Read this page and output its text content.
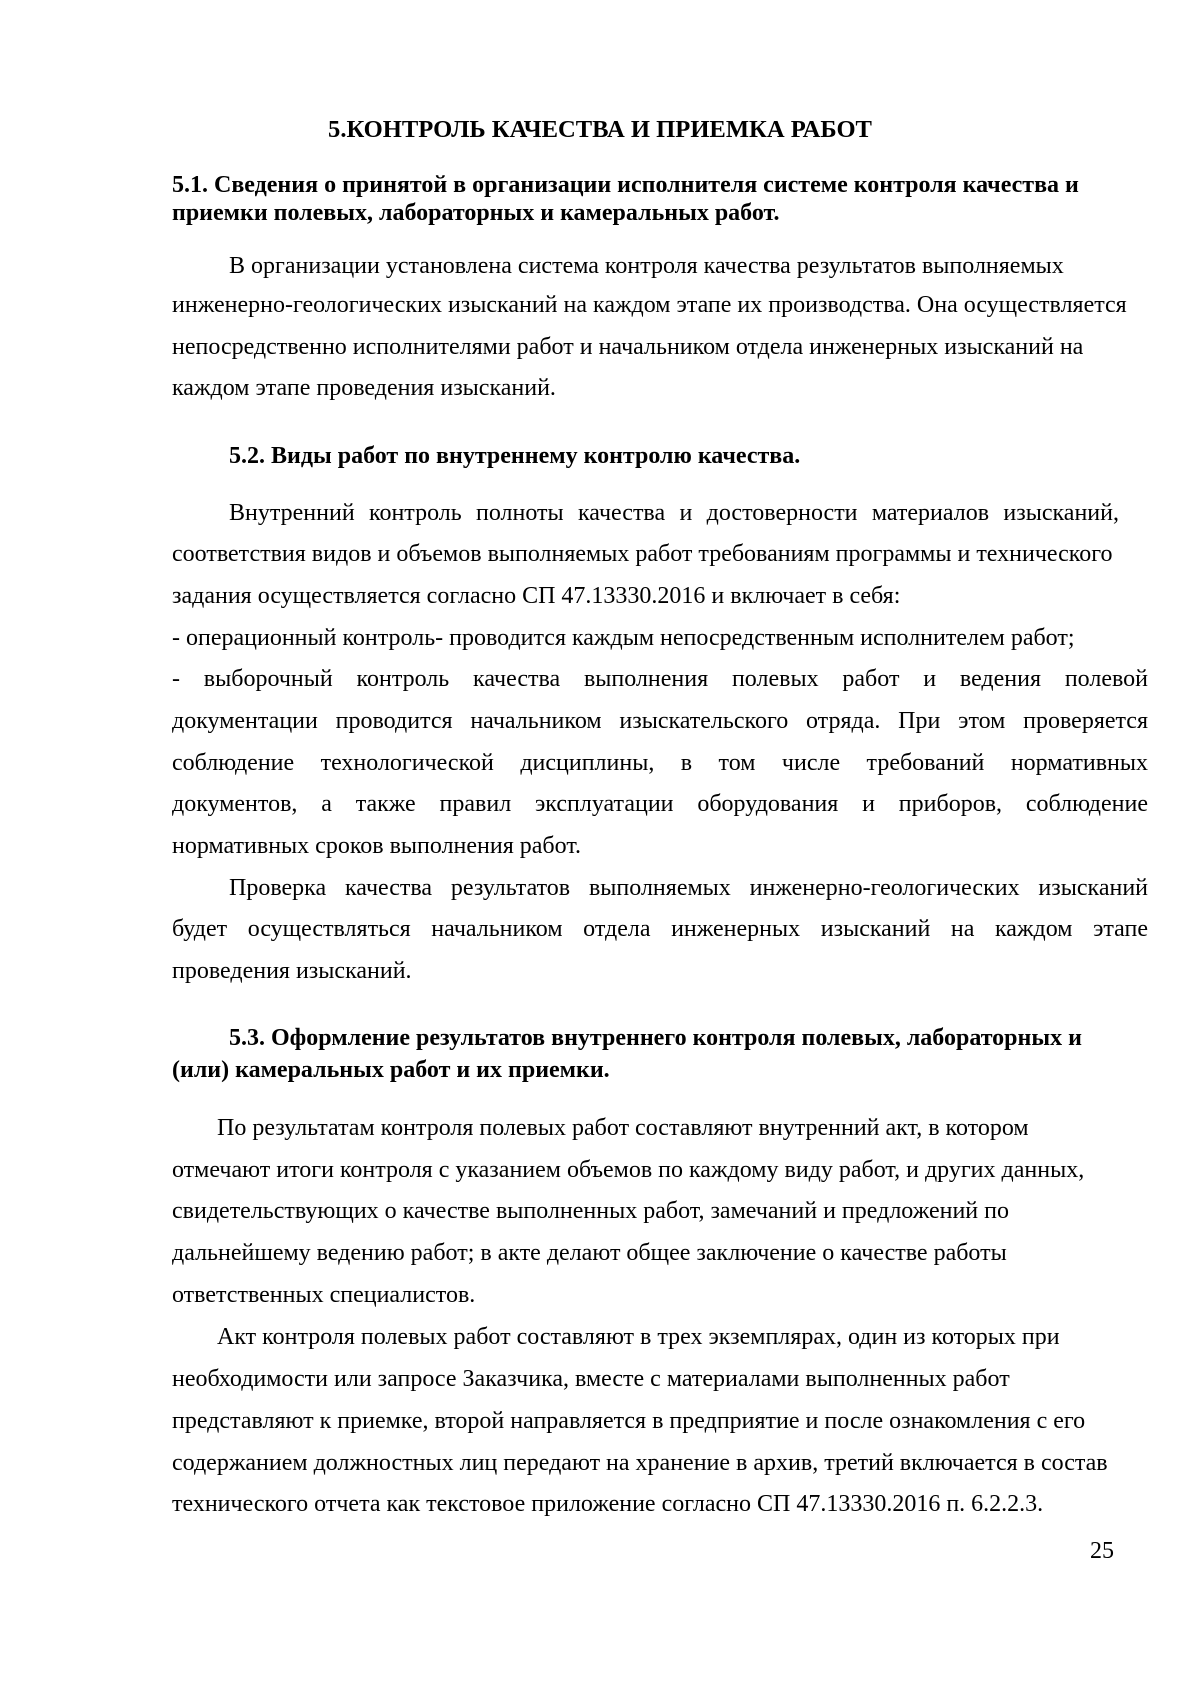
5.КОНТРОЛЬ КАЧЕСТВА И ПРИЕМКА РАБОТ

5.1. Сведения о принятой в организации исполнителя системе контроля качества и

приемки полевых, лабораторных и камеральных работ.

В организации установлена система контроля качества результатов выполняемых

инженерно-геологических изысканий на каждом этапе их производства. Она осуществляется

непосредственно исполнителями работ и начальником отдела инженерных изысканий на

каждом этапе проведения изысканий.

5.2. Виды работ по внутреннему контролю качества.

Внутренний контроль полноты качества и достоверности материалов изысканий,

соответствия видов и объемов выполняемых работ требованиям программы и технического

задания осуществляется согласно СП 47.13330.2016 и включает в себя:

- операционный контроль- проводится каждым непосредственным исполнителем работ;

- выборочный контроль качества выполнения полевых работ и ведения полевой

документации проводится начальником изыскательского отряда. При этом проверяется

соблюдение технологической дисциплины, в том числе требований нормативных

документов, а также правил эксплуатации оборудования и приборов, соблюдение

нормативных сроков выполнения работ.

Проверка качества результатов выполняемых инженерно-геологических изысканий

будет осуществляться начальником отдела инженерных изысканий на каждом этапе

проведения изысканий.

5.3. Оформление результатов внутреннего контроля полевых, лабораторных и

(или) камеральных работ и их приемки.

По результатам контроля полевых работ составляют внутренний акт, в котором

отмечают итоги контроля с указанием объемов по каждому виду работ, и других данных,

свидетельствующих о качестве выполненных работ, замечаний и предложений по

дальнейшему ведению работ; в акте делают общее заключение о качестве работы

ответственных специалистов.

Акт контроля полевых работ составляют в трех экземплярах, один из которых при

необходимости или запросе Заказчика, вместе с материалами выполненных работ

представляют к приемке, второй направляется в предприятие и после ознакомления с его

содержанием должностных лиц передают на хранение в архив, третий включается в состав

технического отчета как текстовое приложение согласно СП 47.13330.2016 п. 6.2.2.3.

25
